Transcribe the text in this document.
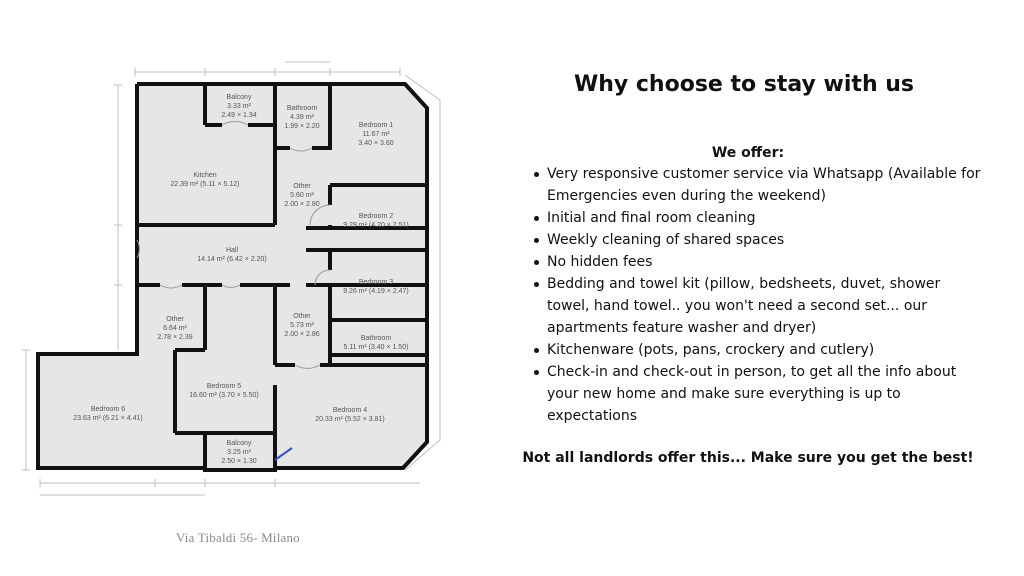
Balcony
3.33 m²
2.49 × 1.34
Bathroom
4.39 m²
1.99 × 2.20	Bedroom 1
11.67 m²
3.40 × 3.60
Kitchen
22.39 m² (5.11 × 5.12)	Other
5.60 m²
2.00 × 2.80
Bedroom 2
9.29 m² (4.20 × 2.51)
Hall
14.14 m² (6.42 × 2.20)
Bedroom 3
9.26 m² (4.19 × 2.47)
Other
6.64 m²
2.78 × 2.39
Other
5.73 m²
2.00 × 2.86
Bathroom
5.11 m² (3.40 × 1.50)
Bedroom 6
23.63 m² (6.21 × 4.41)
Bedroom 5
16.60 m² (3.70 × 5.50)
Bedroom 4
20.33 m² (5.52 × 3.81)
Balcony
3.25 m²
2.50 × 1.30
Via Tibaldi 56- Milano
Why choose to stay with us
We offer:
Very responsive customer service via Whatsapp (Available for Emergencies even during the weekend)
Initial and final room cleaning
Weekly cleaning of shared spaces
No hidden fees
Bedding and towel kit (pillow, bedsheets, duvet, shower towel, hand towel.. you won't need a second set... our apartments feature washer and dryer)
Kitchenware (pots, pans, crockery and cutlery)
Check-in and check-out in person, to get all the info about your new home and make sure everything is up to expectations
Not all landlords offer this... Make sure you get the best!
